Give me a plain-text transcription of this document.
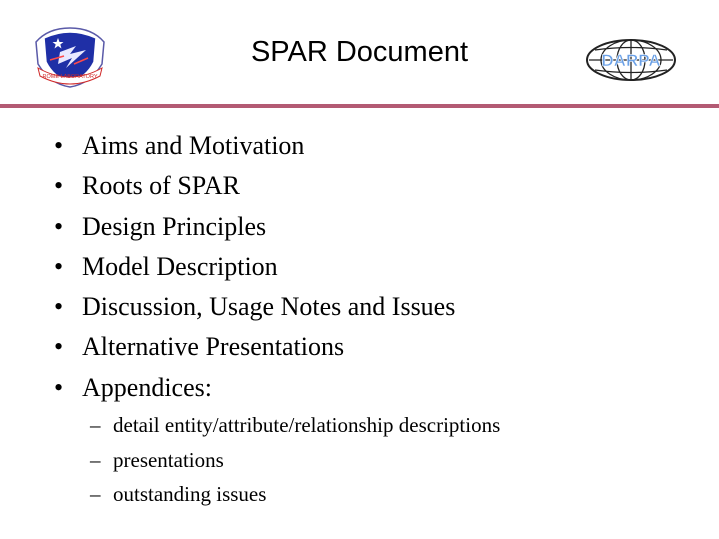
ROME LABORATORY
SPAR Document	DARPA
• Aims and Motivation
• Roots of SPAR
• Design Principles
• Model Description
• Discussion, Usage Notes and Issues
• Alternative Presentations
• Appendices:
– detail entity/attribute/relationship descriptions
– presentations
– outstanding issues
